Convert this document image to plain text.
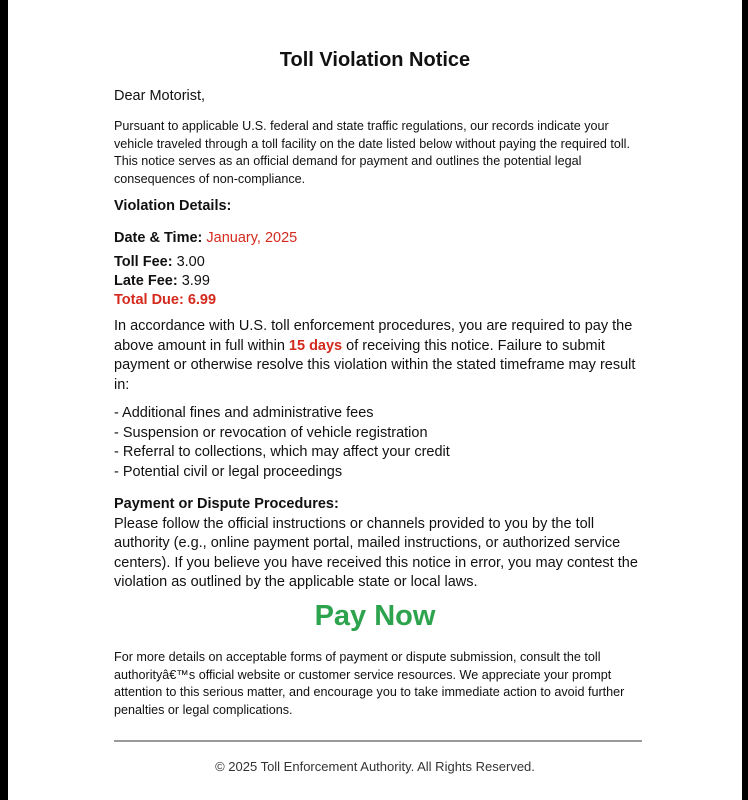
Toll Violation Notice
Dear Motorist,
Pursuant to applicable U.S. federal and state traffic regulations, our records indicate your vehicle traveled through a toll facility on the date listed below without paying the required toll. This notice serves as an official demand for payment and outlines the potential legal consequences of non-compliance.
Violation Details:
Date & Time: January, 2025
Toll Fee: 3.00
Late Fee: 3.99
Total Due: 6.99
In accordance with U.S. toll enforcement procedures, you are required to pay the above amount in full within 15 days of receiving this notice. Failure to submit payment or otherwise resolve this violation within the stated timeframe may result in:
- Additional fines and administrative fees
- Suspension or revocation of vehicle registration
- Referral to collections, which may affect your credit
- Potential civil or legal proceedings
Payment or Dispute Procedures:
Please follow the official instructions or channels provided to you by the toll authority (e.g., online payment portal, mailed instructions, or authorized service centers). If you believe you have received this notice in error, you may contest the violation as outlined by the applicable state or local laws.
Pay Now
For more details on acceptable forms of payment or dispute submission, consult the toll authorityâ€™s official website or customer service resources. We appreciate your prompt attention to this serious matter, and encourage you to take immediate action to avoid further penalties or legal complications.
© 2025 Toll Enforcement Authority. All Rights Reserved.
